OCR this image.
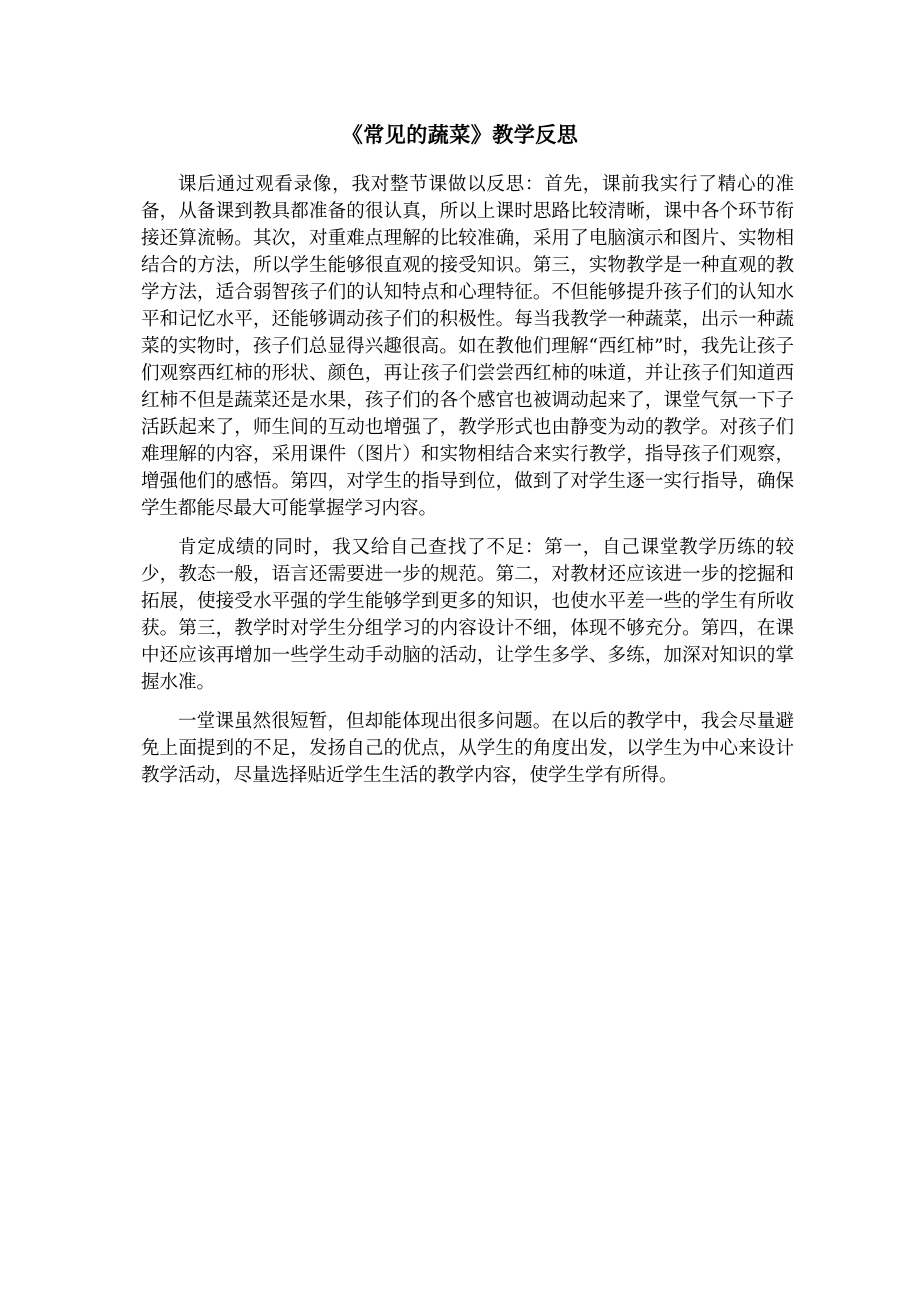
《常见的蔬菜》教学反思

课后通过观看录像，我对整节课做以反思：首先，课前我实行了精心的准备，从备课到教具都准备的很认真，所以上课时思路比较清晰，课中各个环节衔接还算流畅。其次，对重难点理解的比较准确，采用了电脑演示和图片、实物相结合的方法，所以学生能够很直观的接受知识。第三，实物教学是一种直观的教学方法，适合弱智孩子们的认知特点和心理特征。不但能够提升孩子们的认知水平和记忆水平，还能够调动孩子们的积极性。每当我教学一种蔬菜，出示一种蔬菜的实物时，孩子们总显得兴趣很高。如在教他们理解“西红柿”时，我先让孩子们观察西红柿的形状、颜色，再让孩子们尝尝西红柿的味道，并让孩子们知道西红柿不但是蔬菜还是水果，孩子们的各个感官也被调动起来了，课堂气氛一下子活跃起来了，师生间的互动也增强了，教学形式也由静变为动的教学。对孩子们难理解的内容，采用课件（图片）和实物相结合来实行教学，指导孩子们观察，增强他们的感悟。第四，对学生的指导到位，做到了对学生逐一实行指导，确保学生都能尽最大可能掌握学习内容。

肯定成绩的同时，我又给自己查找了不足：第一，自己课堂教学历练的较少，教态一般，语言还需要进一步的规范。第二，对教材还应该进一步的挖掘和拓展，使接受水平强的学生能够学到更多的知识，也使水平差一些的学生有所收获。第三，教学时对学生分组学习的内容设计不细，体现不够充分。第四，在课中还应该再增加一些学生动手动脑的活动，让学生多学、多练，加深对知识的掌握水准。

一堂课虽然很短暂，但却能体现出很多问题。在以后的教学中，我会尽量避免上面提到的不足，发扬自己的优点，从学生的角度出发，以学生为中心来设计教学活动，尽量选择贴近学生生活的教学内容，使学生学有所得。
